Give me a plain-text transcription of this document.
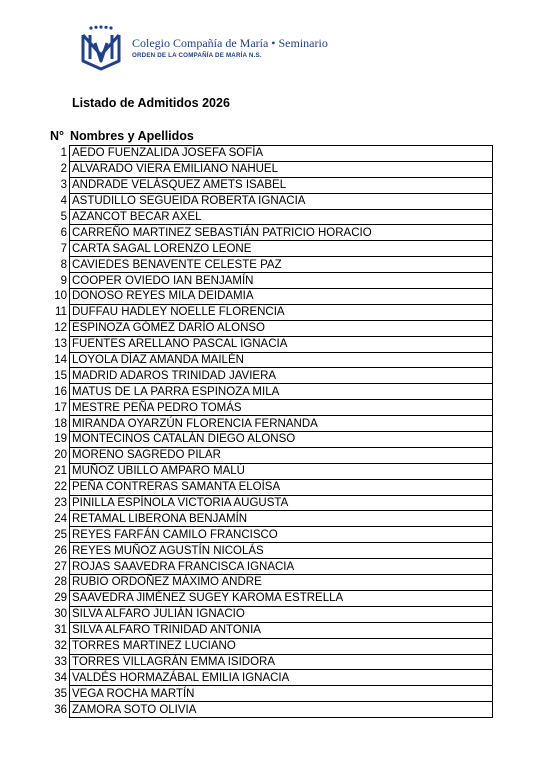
Colegio Compañía de María • Seminario
ORDEN DE LA COMPAÑÍA DE MARÍA N.S.
Listado de Admitidos 2026
N° Nombres y Apellidos
1	AEDO FUENZALIDA JOSEFA SOFÍA
2	ALVARADO VIERA EMILIANO NAHUEL
3	ANDRADE VELÁSQUEZ AMETS ISABEL
4	ASTUDILLO SEGUEIDA ROBERTA IGNACIA
5	AZANCOT BECAR AXEL
6	CARREÑO MARTINEZ SEBASTIÁN PATRICIO HORACIO
7	CARTA SAGAL LORENZO LEONE
8	CAVIEDES BENAVENTE CELESTE PAZ
9	COOPER OVIEDO IAN BENJAMÍN
10	DONOSO REYES MILA DEIDAMIA
11	DUFFAU HADLEY NOELLE FLORENCIA
12	ESPINOZA GÓMEZ DARÍO ALONSO
13	FUENTES ARELLANO PASCAL IGNACIA
14	LOYOLA DÍAZ AMANDA MAILÉN
15	MADRID ADAROS TRINIDAD JAVIERA
16	MATUS DE LA PARRA ESPINOZA MILA
17	MESTRE PEÑA PEDRO TOMÁS
18	MIRANDA OYARZÚN FLORENCIA FERNANDA
19	MONTECINOS CATALÁN DIEGO ALONSO
20	MORENO SAGREDO PILAR
21	MUÑOZ UBILLO AMPARO MALÚ
22	PEÑA CONTRERAS SAMANTA ELOÍSA
23	PINILLA ESPÍNOLA VICTORIA AUGUSTA
24	RETAMAL LIBERONA BENJAMÍN
25	REYES FARFÁN CAMILO FRANCISCO
26	REYES MUÑOZ AGUSTÍN NICOLÁS
27	ROJAS SAAVEDRA FRANCISCA IGNACIA
28	RUBIO ORDOÑEZ MÁXIMO ANDRE
29	SAAVEDRA JIMÉNEZ SUGEY KAROMA ESTRELLA
30	SILVA ALFARO JULIÁN IGNACIO
31	SILVA ALFARO TRINIDAD ANTONIA
32	TORRES MARTINEZ LUCIANO
33	TORRES VILLAGRÁN EMMA ISIDORA
34	VALDÉS HORMAZÁBAL EMILIA IGNACIA
35	VEGA ROCHA MARTÍN
36	ZAMORA SOTO OLIVIA
